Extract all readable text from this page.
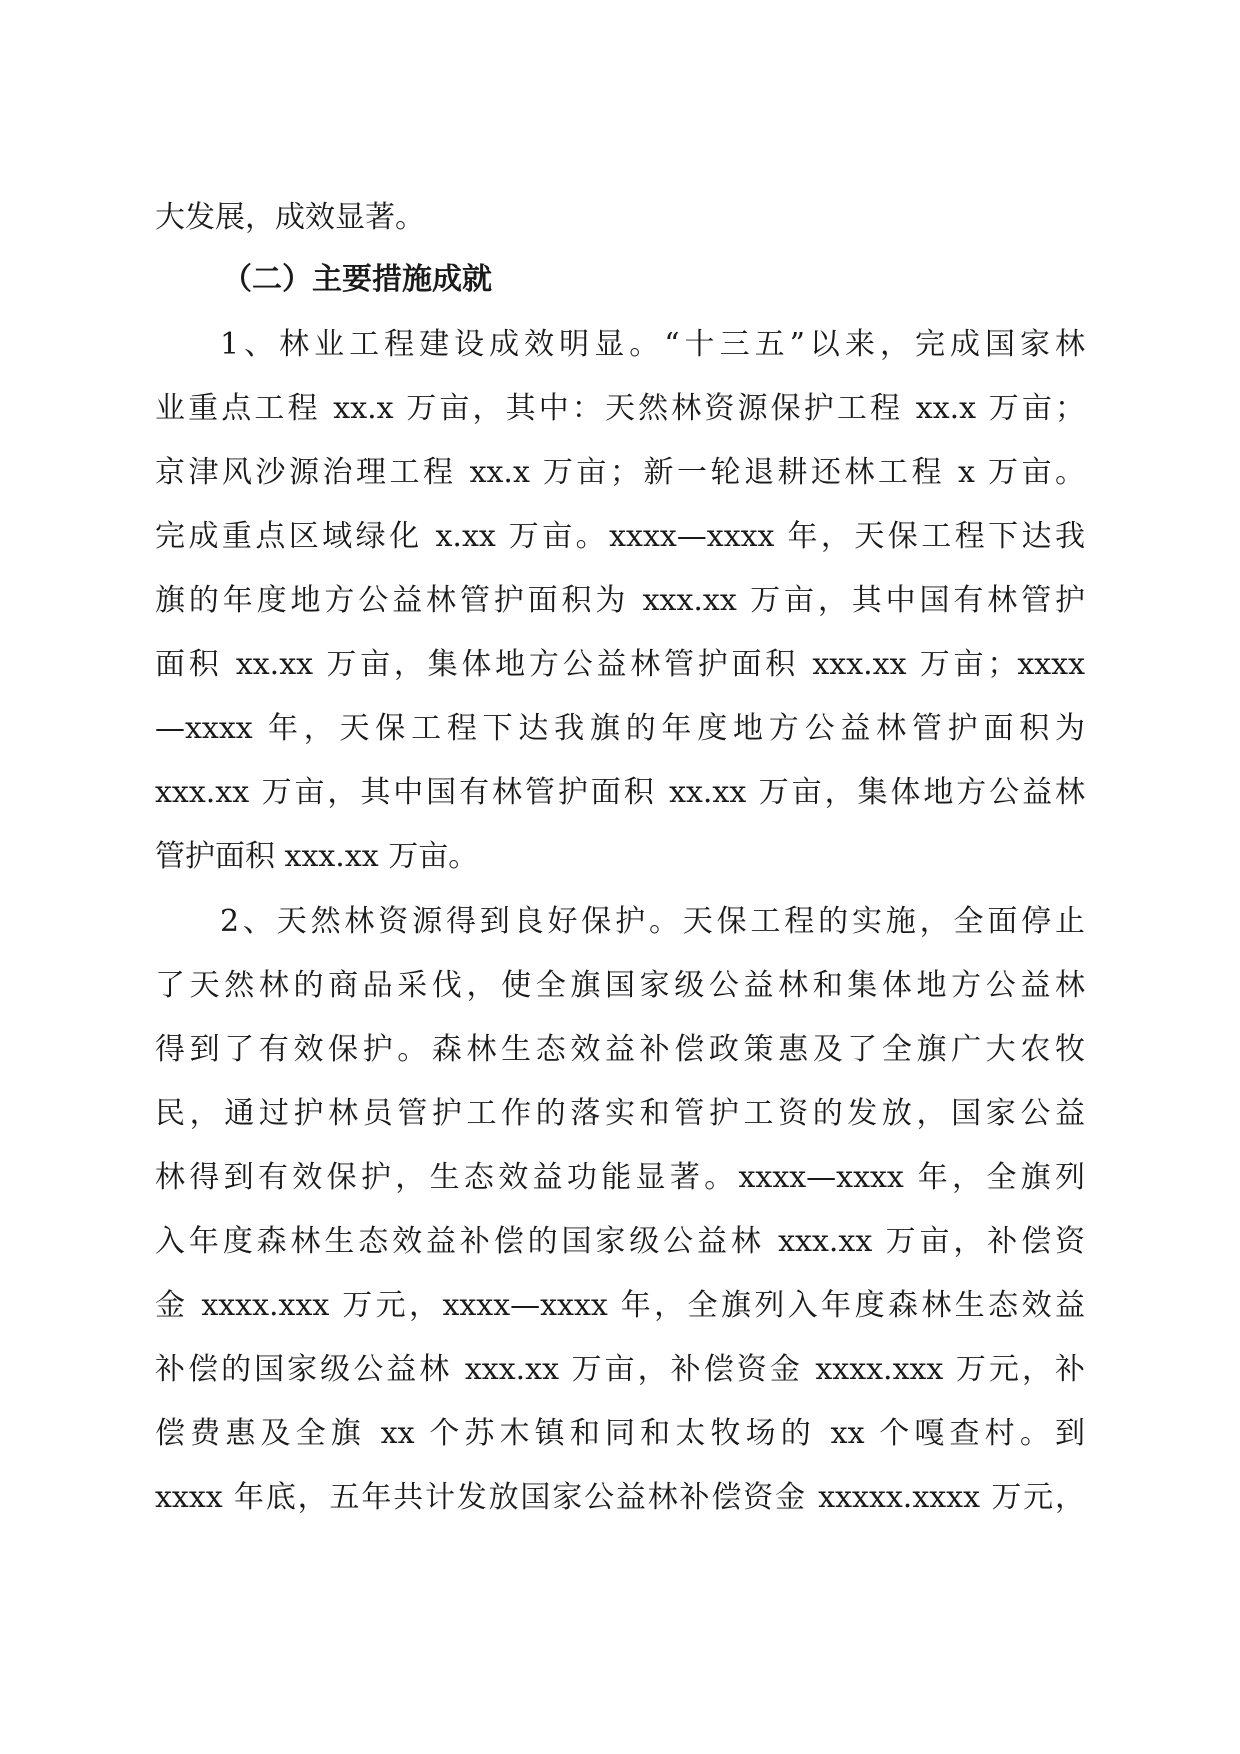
大发展，成效显著。
（二）主要措施成就
1、林业工程建设成效明显。“十三五”以来，完成国家林
业重点工程 xx.x 万亩，其中：天然林资源保护工程 xx.x 万亩；
京津风沙源治理工程 xx.x 万亩；新一轮退耕还林工程 x 万亩。
完成重点区域绿化 x.xx 万亩。xxxx—xxxx 年，天保工程下达我
旗的年度地方公益林管护面积为 xxx.xx 万亩，其中国有林管护
面积 xx.xx 万亩，集体地方公益林管护面积 xxx.xx 万亩；xxxx
—xxxx 年，天保工程下达我旗的年度地方公益林管护面积为
xxx.xx 万亩，其中国有林管护面积 xx.xx 万亩，集体地方公益林
管护面积 xxx.xx 万亩。
2、天然林资源得到良好保护。天保工程的实施，全面停止
了天然林的商品采伐，使全旗国家级公益林和集体地方公益林
得到了有效保护。森林生态效益补偿政策惠及了全旗广大农牧
民，通过护林员管护工作的落实和管护工资的发放，国家公益
林得到有效保护，生态效益功能显著。xxxx—xxxx 年，全旗列
入年度森林生态效益补偿的国家级公益林 xxx.xx 万亩，补偿资
金 xxxx.xxx 万元，xxxx—xxxx 年，全旗列入年度森林生态效益
补偿的国家级公益林 xxx.xx 万亩，补偿资金 xxxx.xxx 万元，补
偿费惠及全旗 xx 个苏木镇和同和太牧场的 xx 个嘎查村。到
xxxx 年底，五年共计发放国家公益林补偿资金 xxxxx.xxxx 万元，
